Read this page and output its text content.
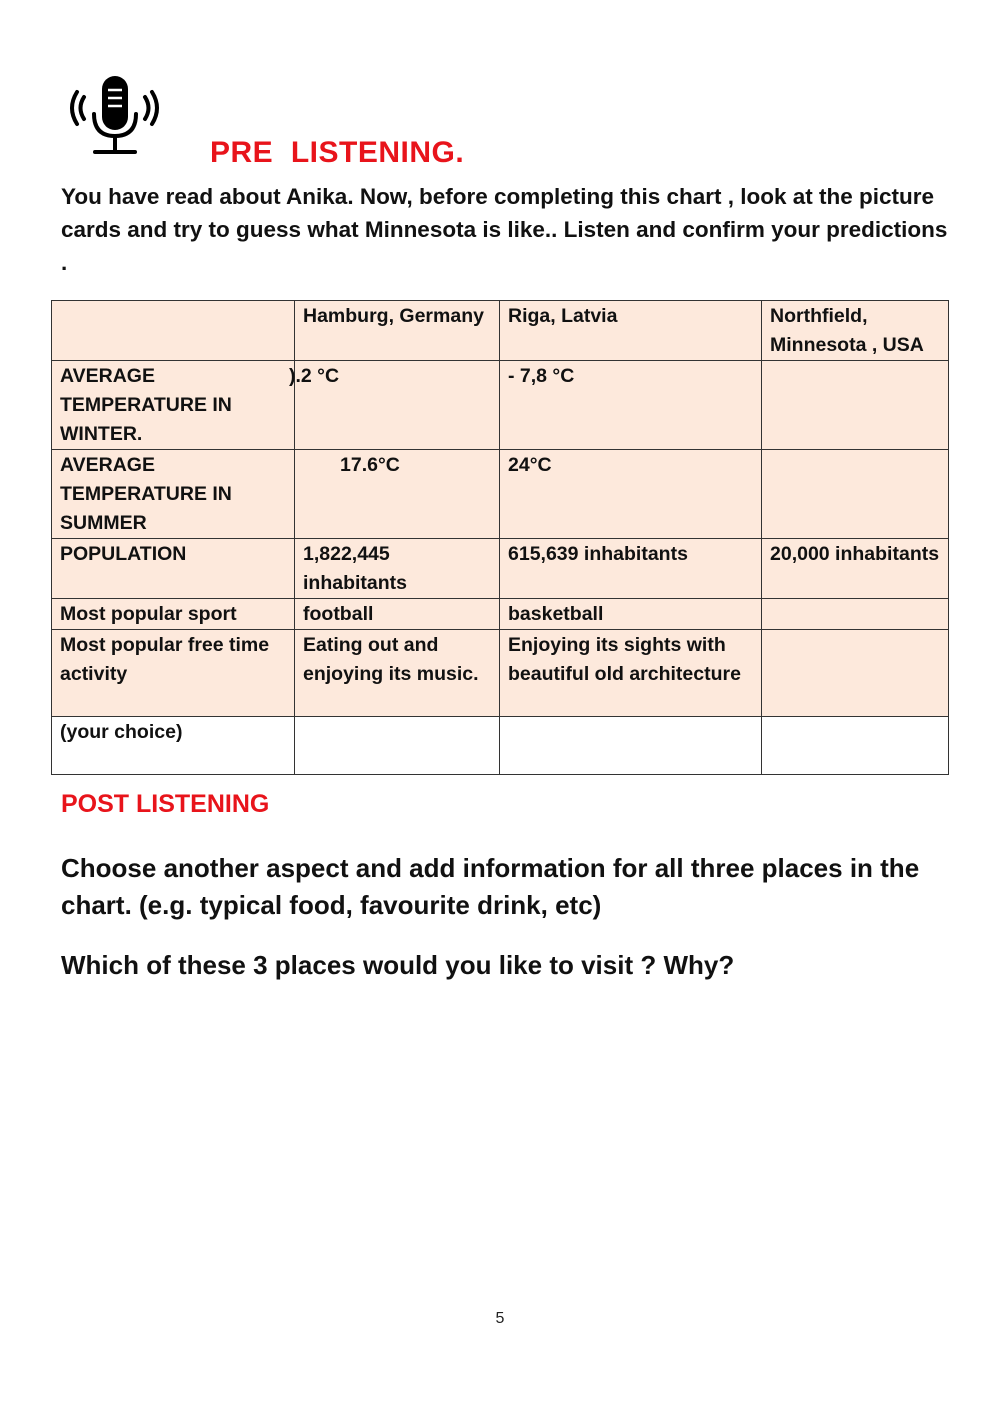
PRE  LISTENING.

You have read about Anika. Now, before completing this chart , look at the picture cards and try to guess what Minnesota is like.. Listen and confirm your predictions .

	Hamburg, Germany	Riga, Latvia	Northfield, Minnesota , USA
AVERAGE TEMPERATURE IN WINTER.	).2 °C	- 7,8 °C	
AVERAGE TEMPERATURE IN SUMMER	17.6°C	24°C	
POPULATION	1,822,445 inhabitants	615,639 inhabitants	20,000 inhabitants
Most popular sport	football	basketball	
Most popular free time activity	Eating out and enjoying its music.	Enjoying its sights with beautiful old architecture	
(your choice)			
POST LISTENING

Choose another aspect and add information for all three places in the chart. (e.g. typical food, favourite drink, etc)

Which of these 3 places would you like to visit ? Why?

5
